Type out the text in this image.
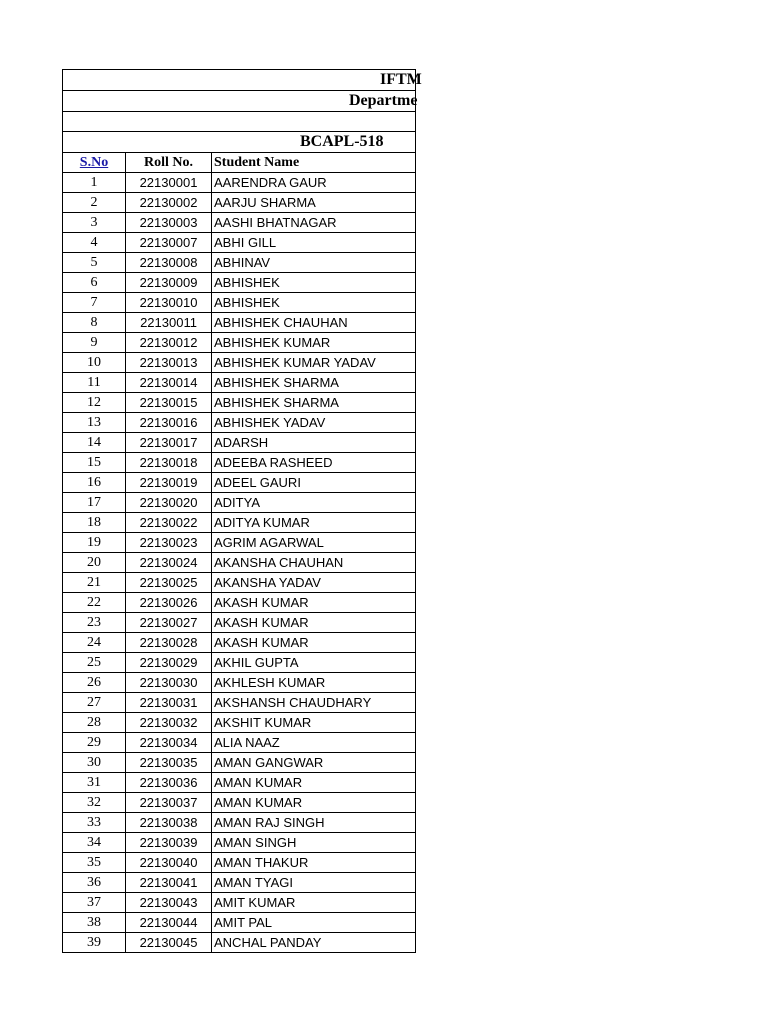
IFTM		
Departme		

BCAPL-518		
S.No	Roll No.	Student Name
1	22130001	AARENDRA GAUR
2	22130002	AARJU SHARMA
3	22130003	AASHI BHATNAGAR
4	22130007	ABHI GILL
5	22130008	ABHINAV
6	22130009	ABHISHEK
7	22130010	ABHISHEK
8	22130011	ABHISHEK CHAUHAN
9	22130012	ABHISHEK KUMAR
10	22130013	ABHISHEK KUMAR YADAV
11	22130014	ABHISHEK SHARMA
12	22130015	ABHISHEK SHARMA
13	22130016	ABHISHEK YADAV
14	22130017	ADARSH
15	22130018	ADEEBA RASHEED
16	22130019	ADEEL GAURI
17	22130020	ADITYA
18	22130022	ADITYA KUMAR
19	22130023	AGRIM AGARWAL
20	22130024	AKANSHA CHAUHAN
21	22130025	AKANSHA YADAV
22	22130026	AKASH KUMAR
23	22130027	AKASH KUMAR
24	22130028	AKASH KUMAR
25	22130029	AKHIL GUPTA
26	22130030	AKHLESH KUMAR
27	22130031	AKSHANSH CHAUDHARY
28	22130032	AKSHIT KUMAR
29	22130034	ALIA NAAZ
30	22130035	AMAN GANGWAR
31	22130036	AMAN KUMAR
32	22130037	AMAN KUMAR
33	22130038	AMAN RAJ SINGH
34	22130039	AMAN SINGH
35	22130040	AMAN THAKUR
36	22130041	AMAN TYAGI
37	22130043	AMIT KUMAR
38	22130044	AMIT PAL
39	22130045	ANCHAL PANDAY
